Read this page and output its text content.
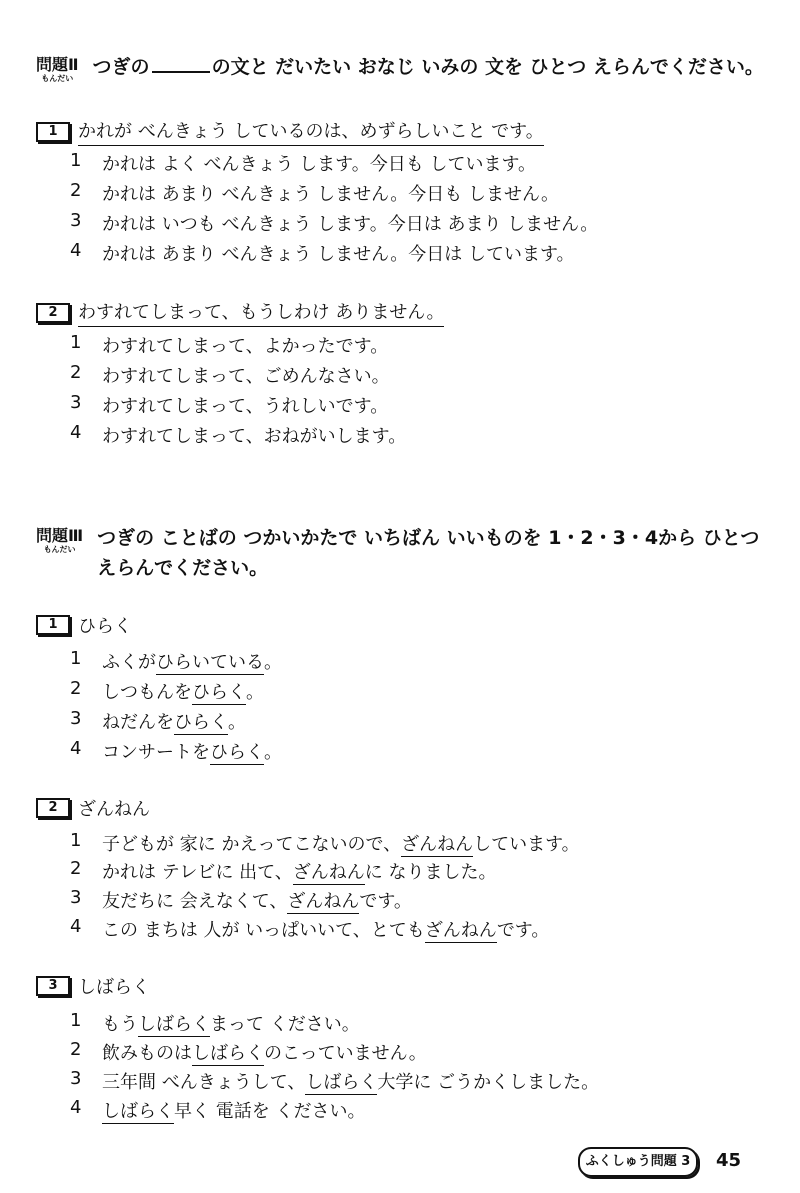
問題Ⅱ
もんだい
つぎの	の文と だいたい おなじ いみの 文を ひとつ えらんでください。
1	かれが べんきょう しているのは、めずらしいこと です。
1	かれは よく べんきょう します。今日も しています。
2	かれは あまり べんきょう しません。今日も しません。
3	かれは いつも べんきょう します。今日は あまり しません。
4	かれは あまり べんきょう しません。今日は しています。
2	わすれてしまって、もうしわけ ありません。
1	わすれてしまって、よかったです。
2	わすれてしまって、ごめんなさい。
3	わすれてしまって、うれしいです。
4	わすれてしまって、おねがいします。
問題Ⅲ
もんだい
つぎの ことばの つかいかたで いちばん いいものを 1・2・3・4から ひとつ
えらんでください。
1	ひらく
1	ふくが ひらいている 。
2	しつもんを ひらく 。
3	ねだんを ひらく 。
4	コンサートを ひらく 。
2	ざんねん
1	子どもが 家に かえってこないので、 ざんねん しています。
2	かれは テレビに 出て、 ざんねん に なりました。
3	友だちに 会えなくて、 ざんねん です。
4	この まちは 人が いっぱいいて、とても ざんねん です。
3	しばらく
1	もう しばらく まって ください。
2	飲みものは しばらく のこっていません。
3	三年間 べんきょうして、 しばらく 大学に ごうかくしました。
4	しばらく 早く 電話を ください。
ふくしゅう問題 3	45
